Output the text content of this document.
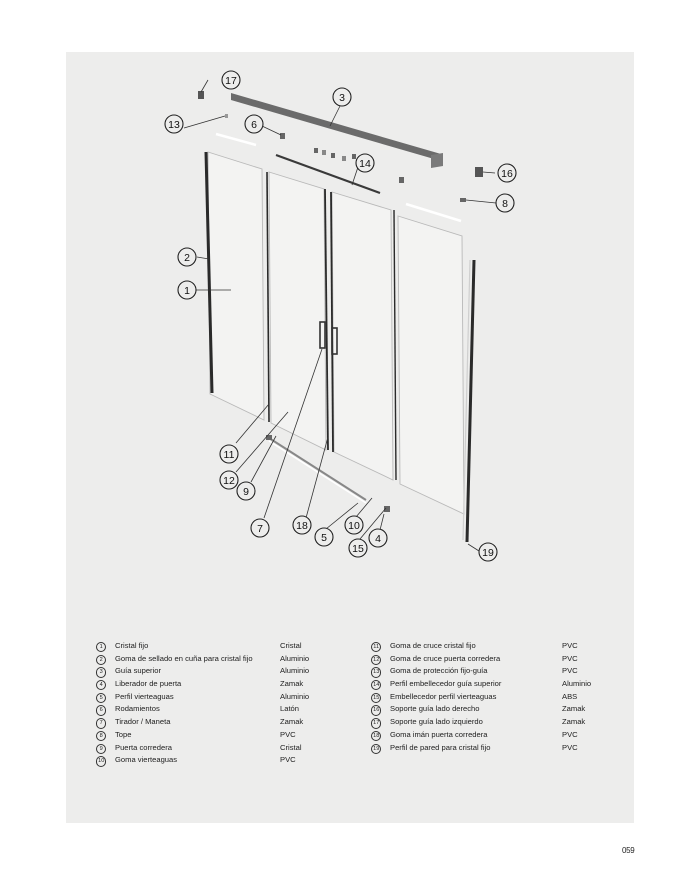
17
3
13	6
14
16
8
2
1
11
12
9
7	18
5
10
15
4
19
1	Cristal fijo	Cristal
2	Goma de sellado en cuña para cristal fijo	Aluminio
3	Guía superior	Aluminio
4	Liberador de puerta	Zamak
5	Perfil vierteaguas	Aluminio
6	Rodamientos	Latón
7	Tirador / Maneta	Zamak
8	Tope	PVC
9	Puerta corredera	Cristal
10 Goma vierteaguas	PVC
11	Goma de cruce cristal fijo	PVC
12 Goma de cruce puerta corredera	PVC
13 Goma de protección fijo-guía	PVC
14 Perfil embellecedor guía superior	Aluminio
15 Embellecedor perfil vierteaguas	ABS
16 Soporte guía lado derecho	Zamak
17 Soporte guía lado izquierdo	Zamak
18 Goma imán puerta corredera	PVC
19 Perfil de pared para cristal fijo	PVC
059
